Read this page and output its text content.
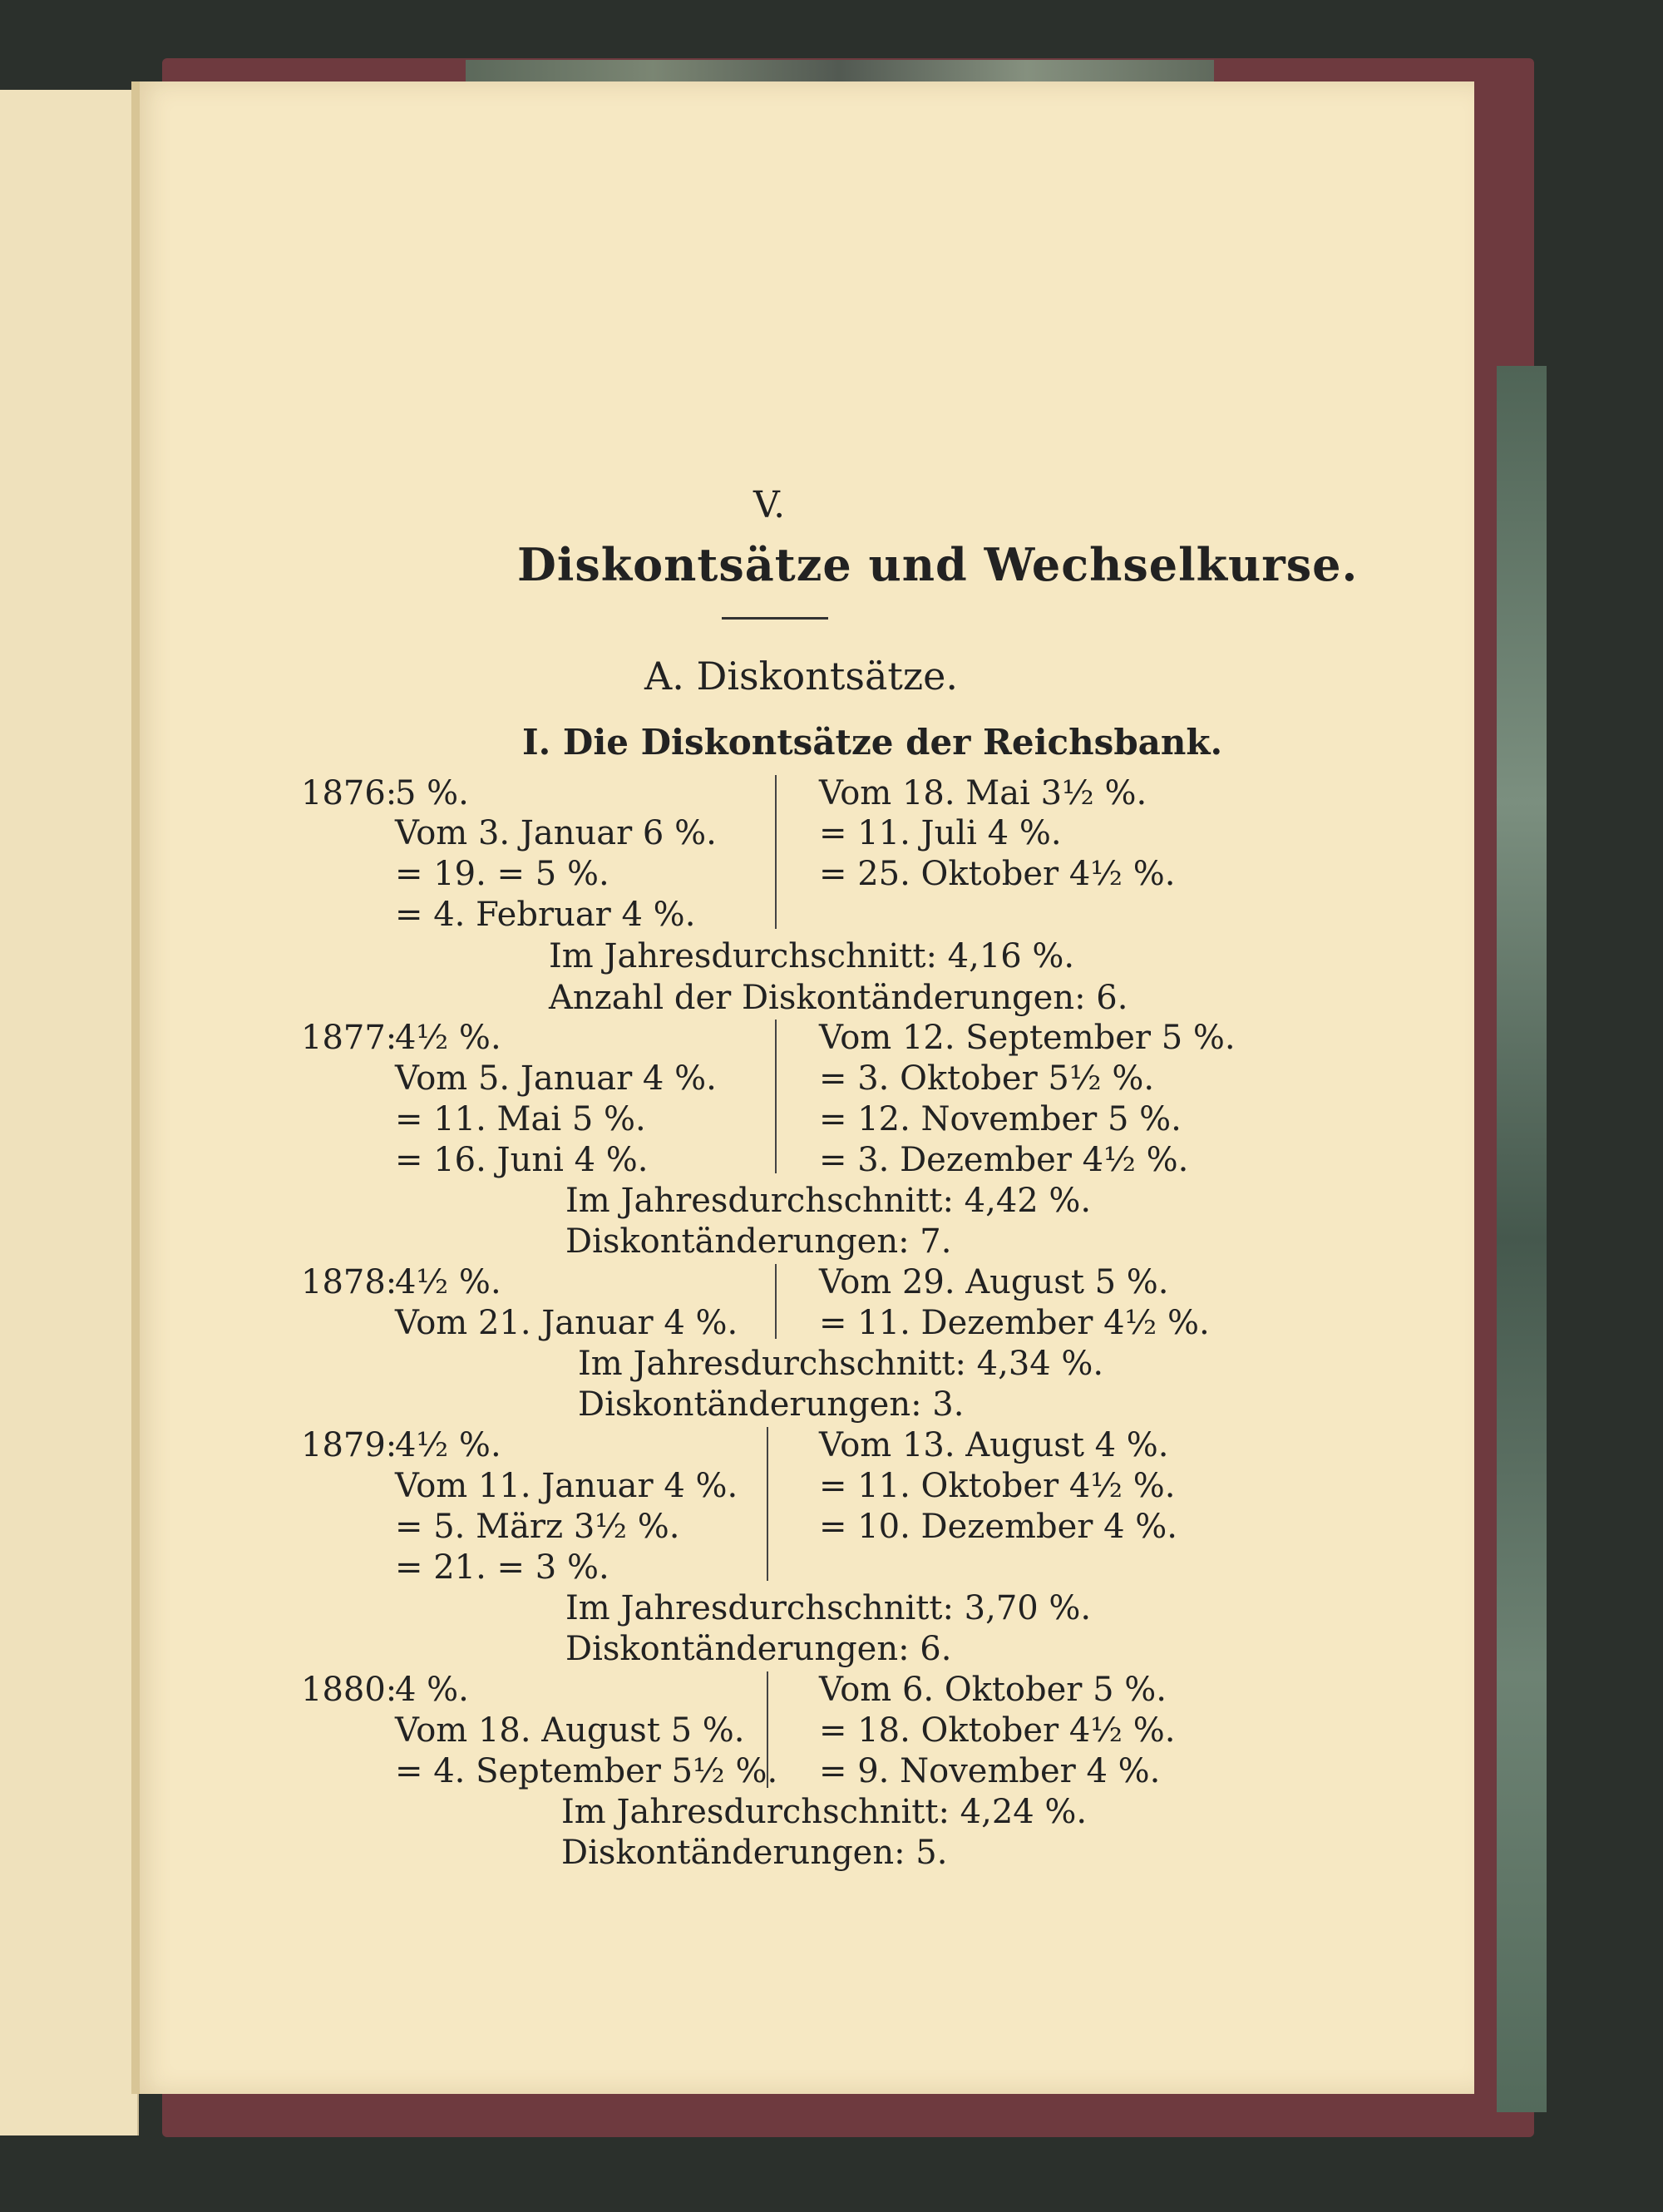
V.
Diskontsätze und Wechselkurse.
A. Diskontsätze.
I. Die Diskontsätze der Reichsbank.
1876:
5 %.
Vom 3. Januar 6 %.
= 19. = 5 %.
= 4. Februar 4 %.
Vom 18. Mai 3½ %.
= 11. Juli 4 %.
= 25. Oktober 4½ %.
Im Jahresdurchschnitt: 4,16 %.
Anzahl der Diskontänderungen: 6.
1877:
4½ %.
Vom 5. Januar 4 %.
= 11. Mai 5 %.
= 16. Juni 4 %.
Vom 12. September 5 %.
= 3. Oktober 5½ %.
= 12. November 5 %.
= 3. Dezember 4½ %.
Im Jahresdurchschnitt: 4,42 %.
Diskontänderungen: 7.
1878:
4½ %.
Vom 21. Januar 4 %.
Vom 29. August 5 %.
= 11. Dezember 4½ %.
Im Jahresdurchschnitt: 4,34 %.
Diskontänderungen: 3.
1879:
4½ %.
Vom 11. Januar 4 %.
= 5. März 3½ %.
= 21. = 3 %.
Vom 13. August 4 %.
= 11. Oktober 4½ %.
= 10. Dezember 4 %.
Im Jahresdurchschnitt: 3,70 %.
Diskontänderungen: 6.
1880:
4 %.
Vom 18. August 5 %.
= 4. September 5½ %.
Vom 6. Oktober 5 %.
= 18. Oktober 4½ %.
= 9. November 4 %.
Im Jahresdurchschnitt: 4,24 %.
Diskontänderungen: 5.
